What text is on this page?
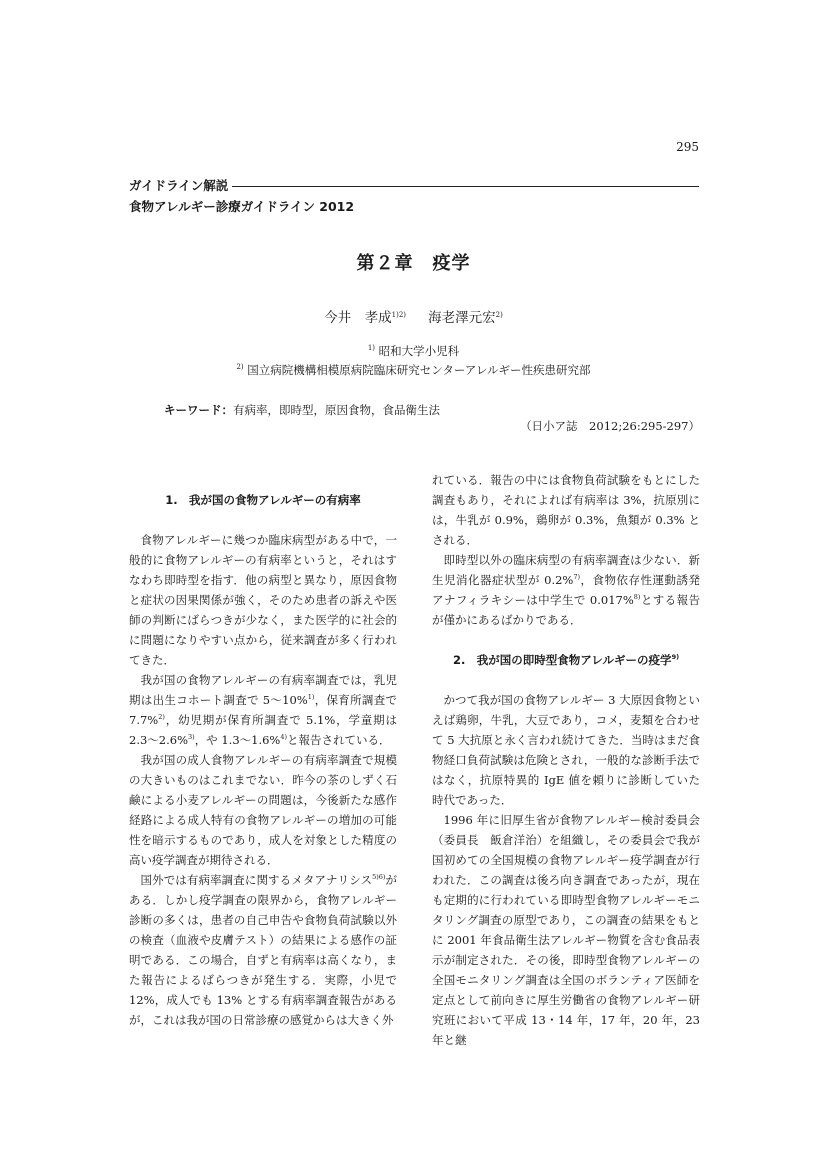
295
ガイドライン解説
食物アレルギー診療ガイドライン 2012
第２章　疫学
今井　孝成$^{1)2)}$ 　 海老澤元宏$^{2)}$
$^{1)}$ 昭和大学小児科
$^{2)}$ 国立病院機構相模原病院臨床研究センターアレルギー性疾患研究部
キーワード：有病率，即時型，原因食物，食品衛生法
（日小ア誌　2012;26:295-297）
1.　我が国の食物アレルギーの有病率

食物アレルギーに幾つか臨床病型がある中で，一般的に食物アレルギーの有病率というと，それはすなわち即時型を指す．他の病型と異なり，原因食物と症状の因果関係が強く，そのため患者の訴えや医師の判断にばらつきが少なく，また医学的に社会的に問題になりやすい点から，従来調査が多く行われてきた．

我が国の食物アレルギーの有病率調査では，乳児期は出生コホート調査で 5～10%$^{1)}$，保育所調査で 7.7%$^{2)}$，幼児期が保育所調査で 5.1%，学童期は 2.3～2.6%$^{3)}$，や 1.3～1.6%$^{4)}$と報告されている．

我が国の成人食物アレルギーの有病率調査で規模の大きいものはこれまでない．昨今の茶のしずく石鹸による小麦アレルギーの問題は，今後新たな感作経路による成人特有の食物アレルギーの増加の可能性を暗示するものであり，成人を対象とした精度の高い疫学調査が期待される．

国外では有病率調査に関するメタアナリシス$^{5)6)}$がある．しかし疫学調査の限界から，食物アレルギー診断の多くは，患者の自己申告や食物負荷試験以外の検査（血液や皮膚テスト）の結果による感作の証明である．この場合，自ずと有病率は高くなり，また報告によるばらつきが発生する．実際，小児で 12%，成人でも 13% とする有病率調査報告があるが，これは我が国の日常診療の感覚からは大きく外

れている．報告の中には食物負荷試験をもとにした調査もあり，それによれば有病率は 3%，抗原別には，牛乳が 0.9%，鶏卵が 0.3%，魚類が 0.3% とされる．

即時型以外の臨床病型の有病率調査は少ない．新生児消化器症状型が 0.2%$^{7)}$，食物依存性運動誘発アナフィラキシーは中学生で 0.017%$^{8)}$とする報告が僅かにあるばかりである．

2.　我が国の即時型食物アレルギーの疫学$^{9)}$

かつて我が国の食物アレルギー 3 大原因食物といえば鶏卵，牛乳，大豆であり，コメ，麦類を合わせて 5 大抗原と永く言われ続けてきた．当時はまだ食物経口負荷試験は危険とされ，一般的な診断手法ではなく，抗原特異的 IgE 値を頼りに診断していた時代であった．

1996 年に旧厚生省が食物アレルギー検討委員会（委員長　飯倉洋治）を組織し，その委員会で我が国初めての全国規模の食物アレルギー疫学調査が行われた．この調査は後ろ向き調査であったが，現在も定期的に行われている即時型食物アレルギーモニタリング調査の原型であり，この調査の結果をもとに 2001 年食品衛生法アレルギー物質を含む食品表示が制定された．その後，即時型食物アレルギーの全国モニタリング調査は全国のボランティア医師を定点として前向きに厚生労働省の食物アレルギー研究班において平成 13・14 年，17 年，20 年，23 年と継
